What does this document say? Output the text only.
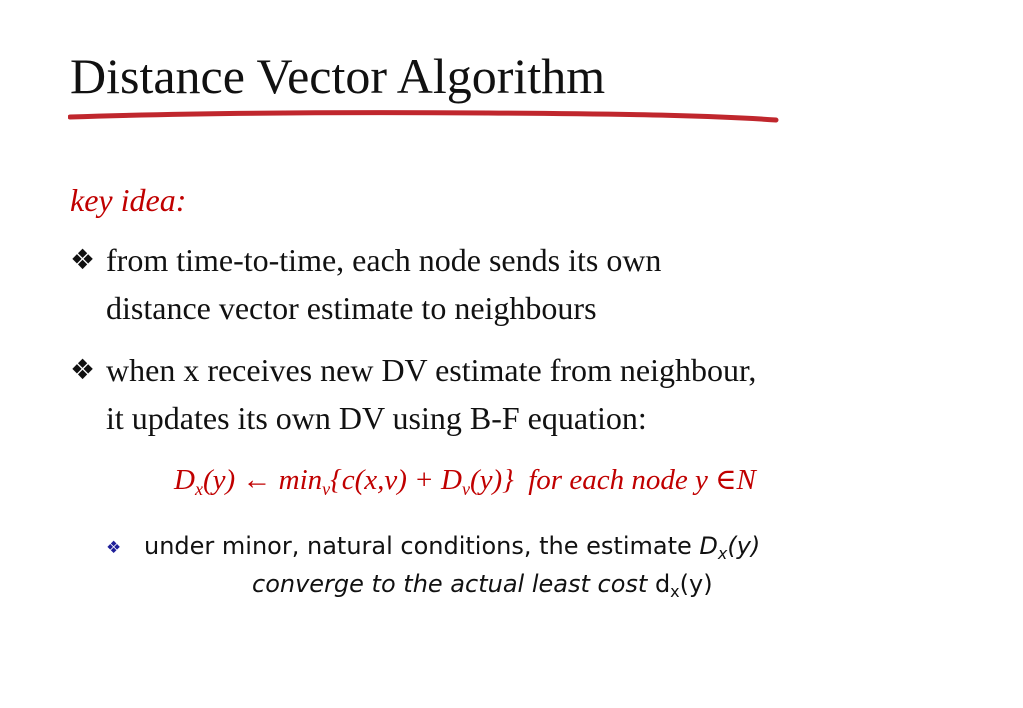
Distance Vector Algorithm
key idea:
❖ from time-to-time, each node sends its own
distance vector estimate to neighbours
❖ when x receives new DV estimate from neighbour,
it updates its own DV using B-F equation:
$D_x(y)$ ← $\min_v\{c(x,v) + D_v(y)\}$ for each node y ∈N
❖ under minor, natural conditions, the estimate $D_x(y)$
converge to the actual least cost $d_x(y)$
